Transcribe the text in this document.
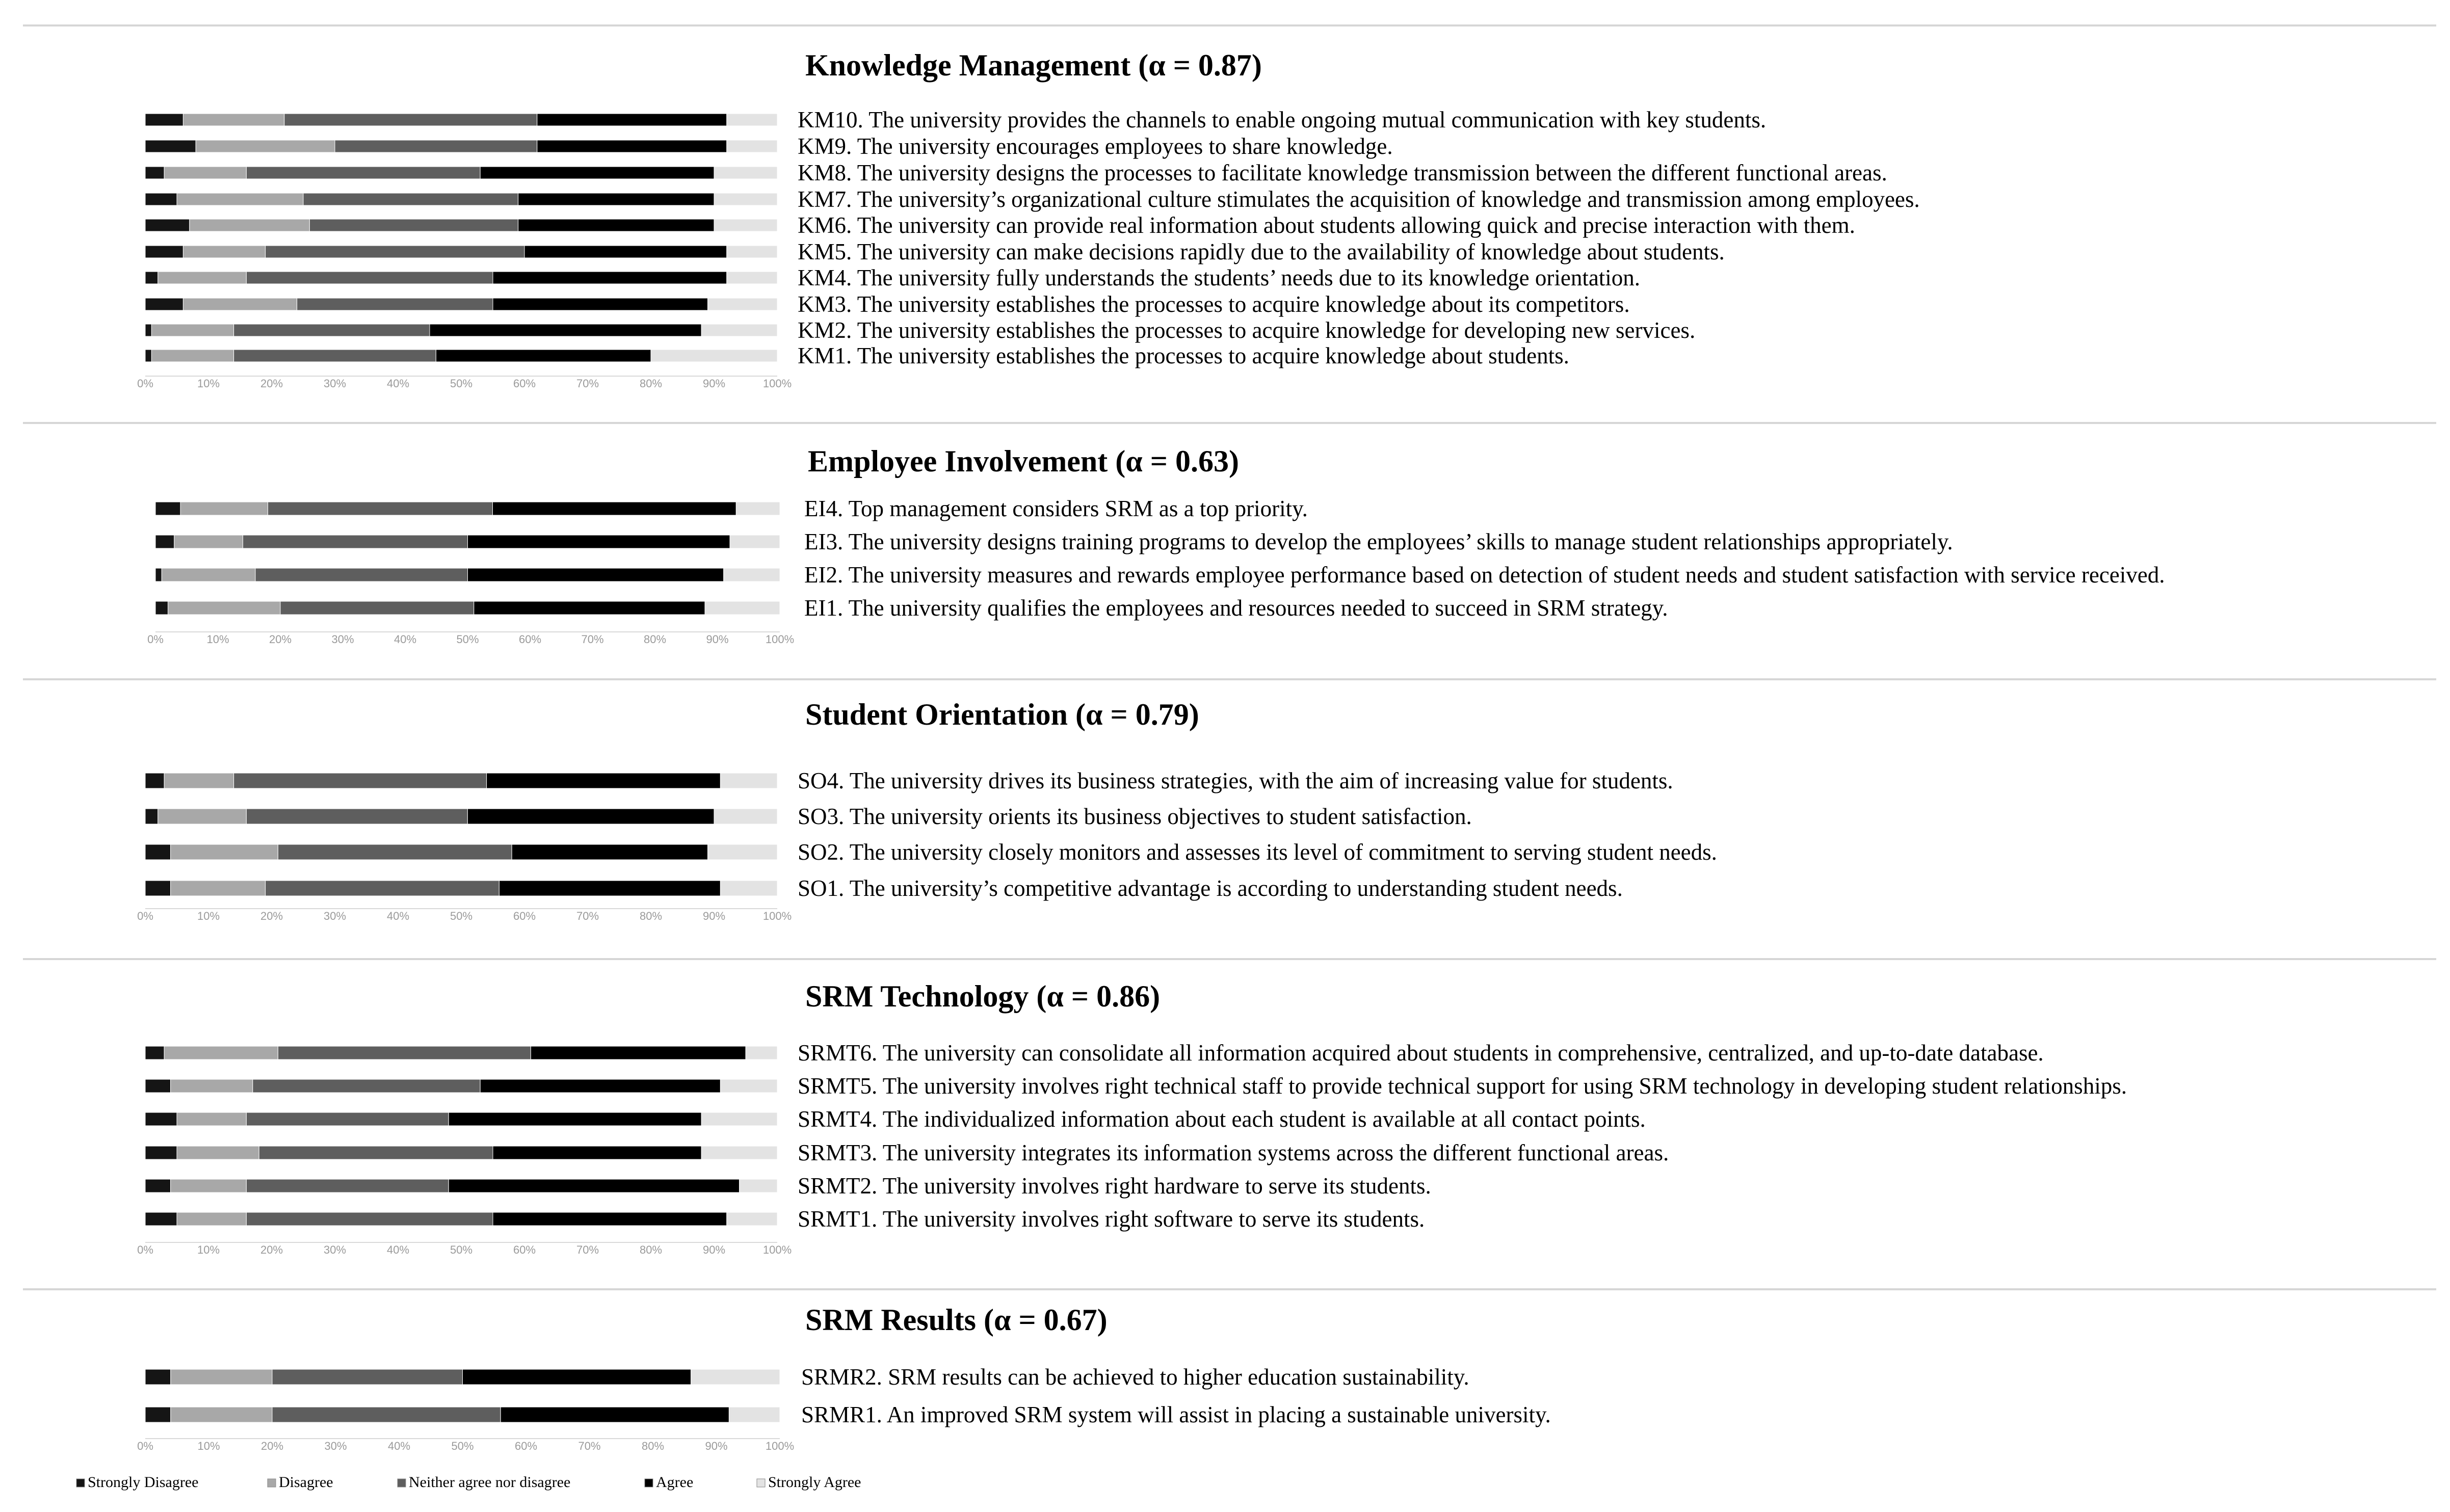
Knowledge Management (α = 0.87)
KM10. The university provides the channels to enable ongoing mutual communication with key students.
KM9. The university encourages employees to share knowledge.
KM8. The university designs the processes to facilitate knowledge transmission between the different functional areas.
KM7. The university’s organizational culture stimulates the acquisition of knowledge and transmission among employees.
KM6. The university can provide real information about students allowing quick and precise interaction with them.
KM5. The university can make decisions rapidly due to the availability of knowledge about students.
KM4. The university fully understands the students’ needs due to its knowledge orientation.
KM3. The university establishes the processes to acquire knowledge about its competitors.
KM2. The university establishes the processes to acquire knowledge for developing new services.
KM1. The university establishes the processes to acquire knowledge about students.
0%	10%	20%	30%	40%	50%	60%	70%	80%	90%	100%
Employee Involvement (α = 0.63)
EI4. Top management considers SRM as a top priority.
EI3. The university designs training programs to develop the employees’ skills to manage student relationships appropriately.
EI2. The university measures and rewards employee performance based on detection of student needs and student satisfaction with service received.
EI1. The university qualifies the employees and resources needed to succeed in SRM strategy.
0%	10%	20%	30%	40%	50%	60%	70%	80%	90%	100%
Student Orientation (α = 0.79)
SO4. The university drives its business strategies, with the aim of increasing value for students.
SO3. The university orients its business objectives to student satisfaction.
SO2. The university closely monitors and assesses its level of commitment to serving student needs.
SO1. The university’s competitive advantage is according to understanding student needs.
0%	10%	20%	30%	40%	50%	60%	70%	80%	90%	100%
SRM Technology (α = 0.86)
SRMT6. The university can consolidate all information acquired about students in comprehensive, centralized, and up-to-date database.
SRMT5. The university involves right technical staff to provide technical support for using SRM technology in developing student relationships.
SRMT4. The individualized information about each student is available at all contact points.
SRMT3. The university integrates its information systems across the different functional areas.
SRMT2. The university involves right hardware to serve its students.
SRMT1. The university involves right software to serve its students.
0%	10%	20%	30%	40%	50%	60%	70%	80%	90%	100%
SRM Results (α = 0.67)
SRMR2. SRM results can be achieved to higher education sustainability.
SRMR1. An improved SRM system will assist in placing a sustainable university.
0%	10%	20%	30%	40%	50%	60%	70%	80%	90%	100%
Strongly Disagree	Disagree	Neither agree nor disagree	Agree	Strongly Agree
